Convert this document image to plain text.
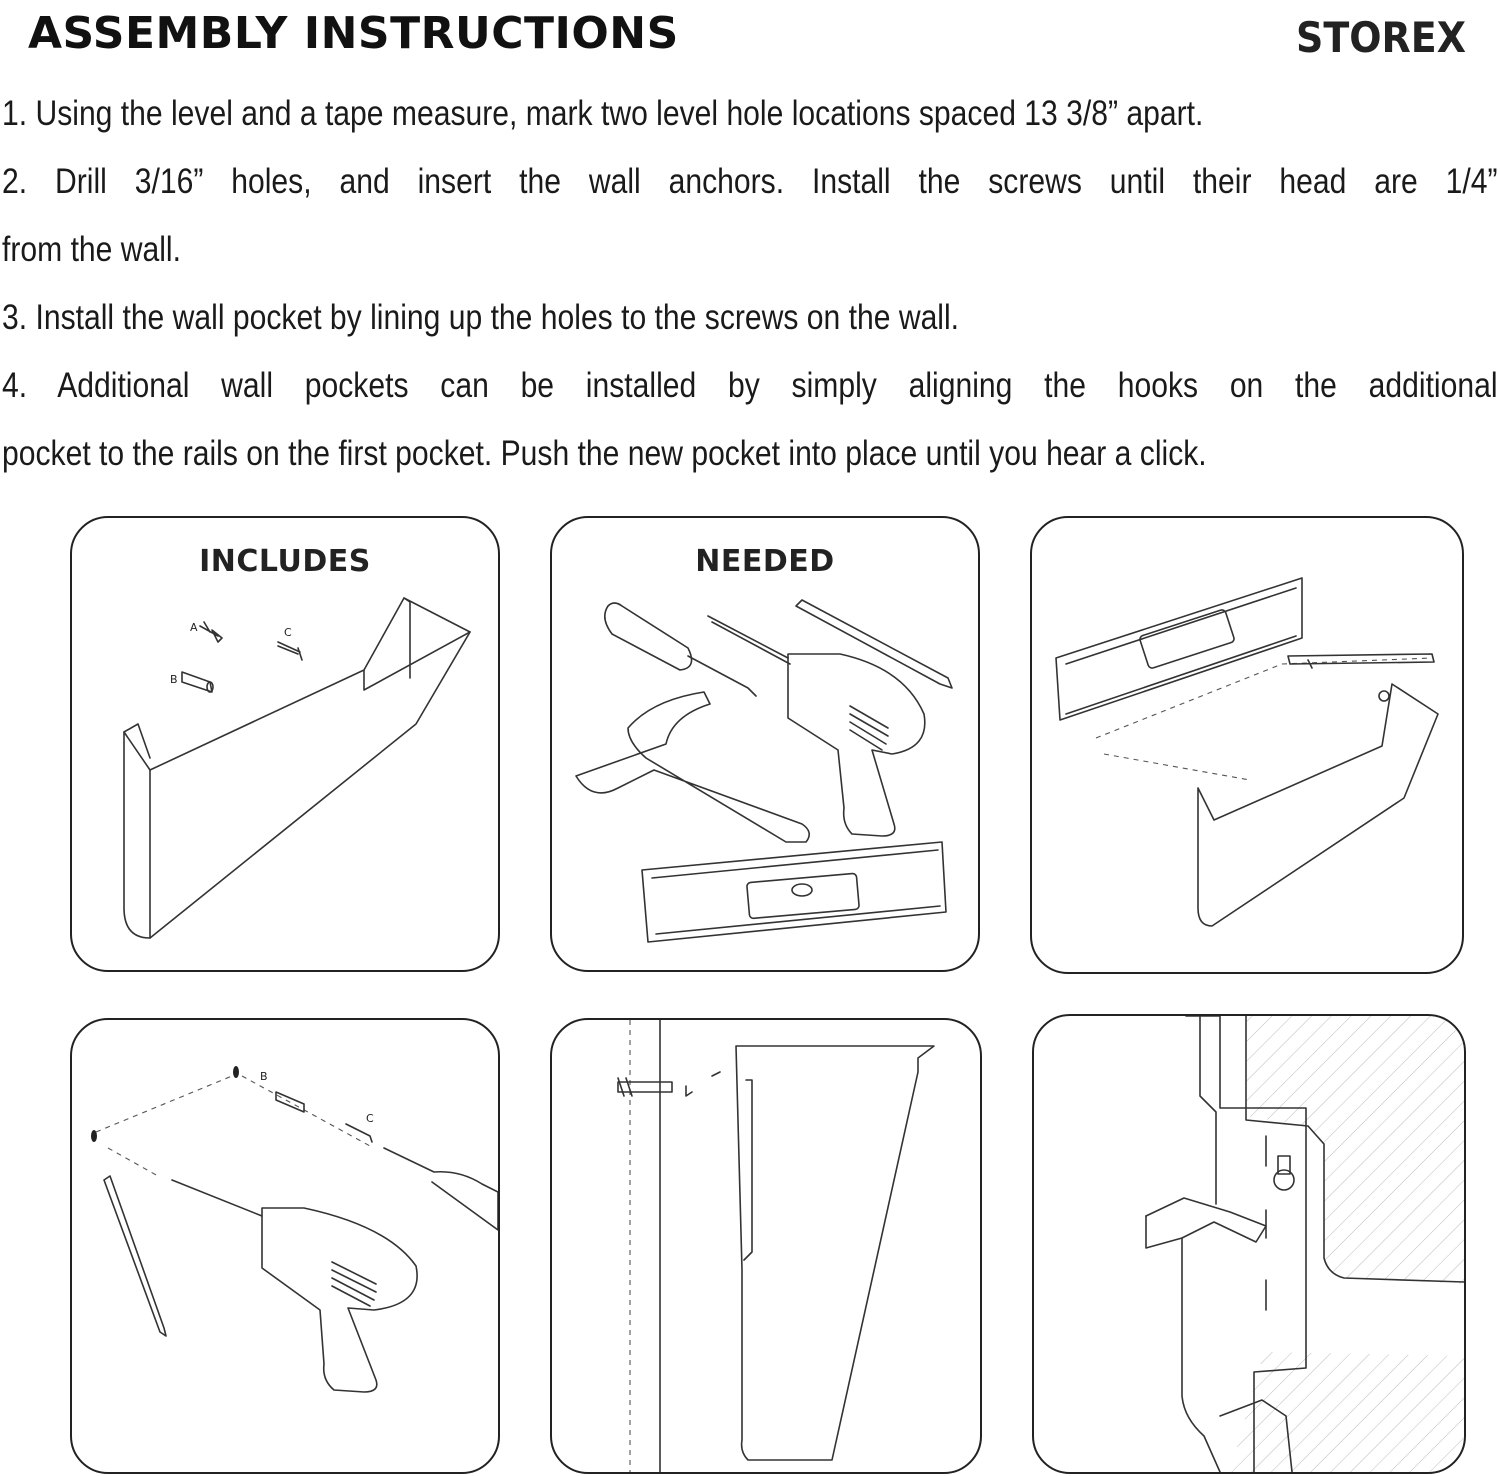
ASSEMBLY INSTRUCTIONS	STOREX

1. Using the level and a tape measure, mark two level hole locations spaced 13 3/8” apart.

2. Drill 3/16” holes, and insert the wall anchors. Install the screws until their head are 1/4”

from the wall.

3. Install the wall pocket by lining up the holes to the screws on the wall.

4. Additional wall pockets can be installed by simply aligning the hooks on the additional

pocket to the rails on the first pocket. Push the new pocket into place until you hear a click.

INCLUDES
A	C
B
NEEDED
B
C
